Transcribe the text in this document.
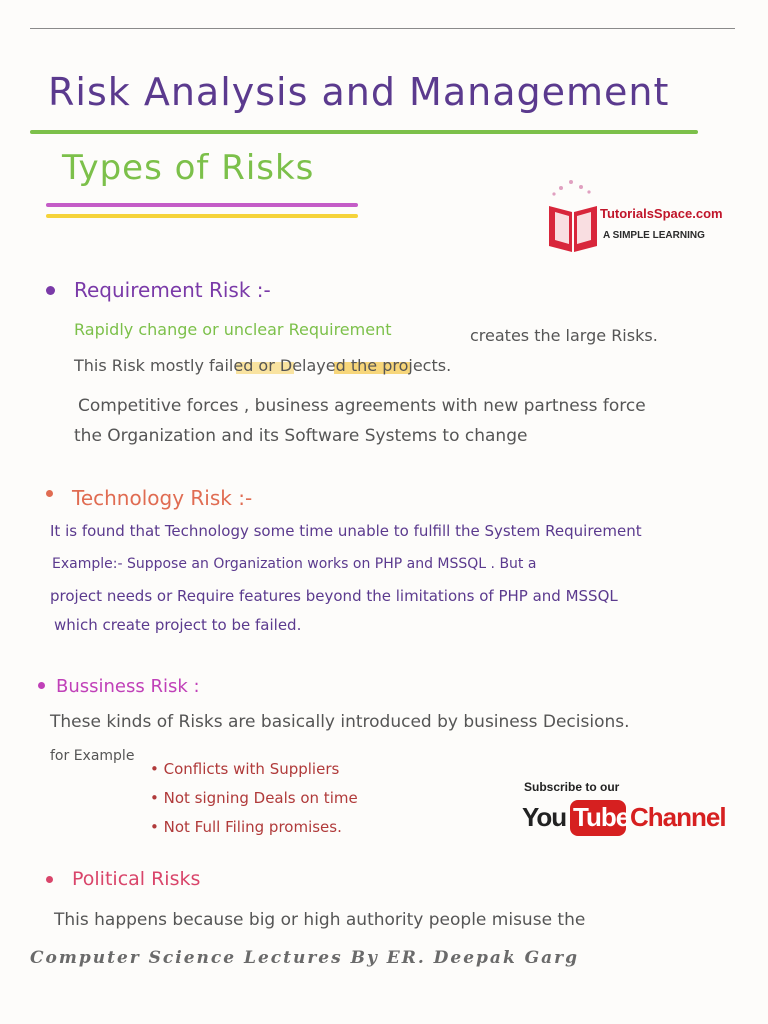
Risk Analysis and Management
Types of Risks
TutorialsSpace.com
A SIMPLE LEARNING
Requirement Risk :-
Rapidly change or unclear Requirement	creates the large Risks.
This Risk mostly failed or Delayed the projects.
Competitive forces , business agreements with new partness force
the Organization and its Software Systems to change
Technology Risk :-
It is found that Technology some time unable to fulfill the System Requirement
Example:- Suppose an Organization works on PHP and MSSQL . But a
project needs or Require features beyond the limitations of PHP and MSSQL
which create project to be failed.
Bussiness Risk :
These kinds of Risks are basically introduced by business Decisions.
for Example
• Conflicts with Suppliers
• Not signing Deals on time
• Not Full Filing promises.
Subscribe to our
You Tube Channel
Political Risks
This happens because big or high authority people misuse the
Computer Science Lectures By ER. Deepak Garg
